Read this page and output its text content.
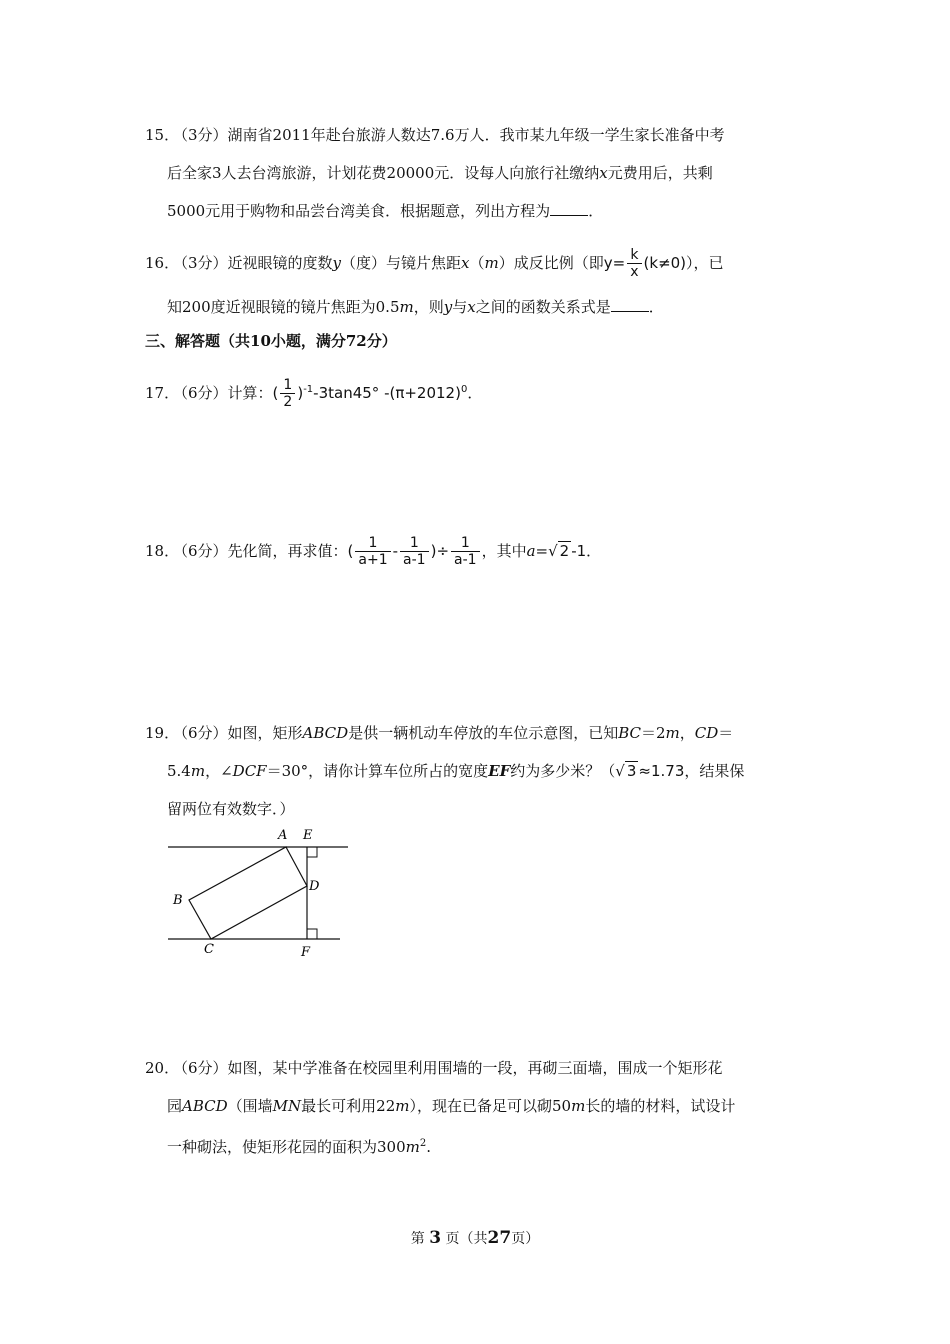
15．（3分）湖南省2011年赴台旅游人数达7.6万人．我市某九年级一学生家长准备中考
后全家3人去台湾旅游，计划花费20000元．设每人向旅行社缴纳x元费用后，共剩
5000元用于购物和品尝台湾美食．根据题意，列出方程为	．
16．（3分）近视眼镜的度数y（度）与镜片焦距x（m）成反比例（即$y= \frac{k}{x} (k\ne 0)$），已
知200度近视眼镜的镜片焦距为0.5m，则y与x之间的函数关系式是	．
三、解答题（共10小题，满分72分）
17．（6分）计算：( $\frac{1}{2} )^{-1}-3\tan 45^\circ$ $-(\pi+2012)^0$．
18．（6分）先化简，再求值：( $\frac{1}{a+1} - \frac{1}{a-1}$ )÷ $\frac{1}{a-1}$ ，其中a=√ 2 -1．
19．（6分）如图，矩形ABCD是供一辆机动车停放的车位示意图，已知BC＝2m，CD＝
5.4m，∠DCF＝30°，请你计算车位所占的宽度EF约为多少米？（√ 3 ≈1.73，结果保
留两位有效数字．）
A E
B
D
C	F
20．（6分）如图，某中学准备在校园里利用围墙的一段，再砌三面墙，围成一个矩形花
园ABCD（围墙MN最长可利用22m），现在已备足可以砌50m长的墙的材料，试设计
一种砌法，使矩形花园的面积为$300m^2$.
第 3 页（共27页）
